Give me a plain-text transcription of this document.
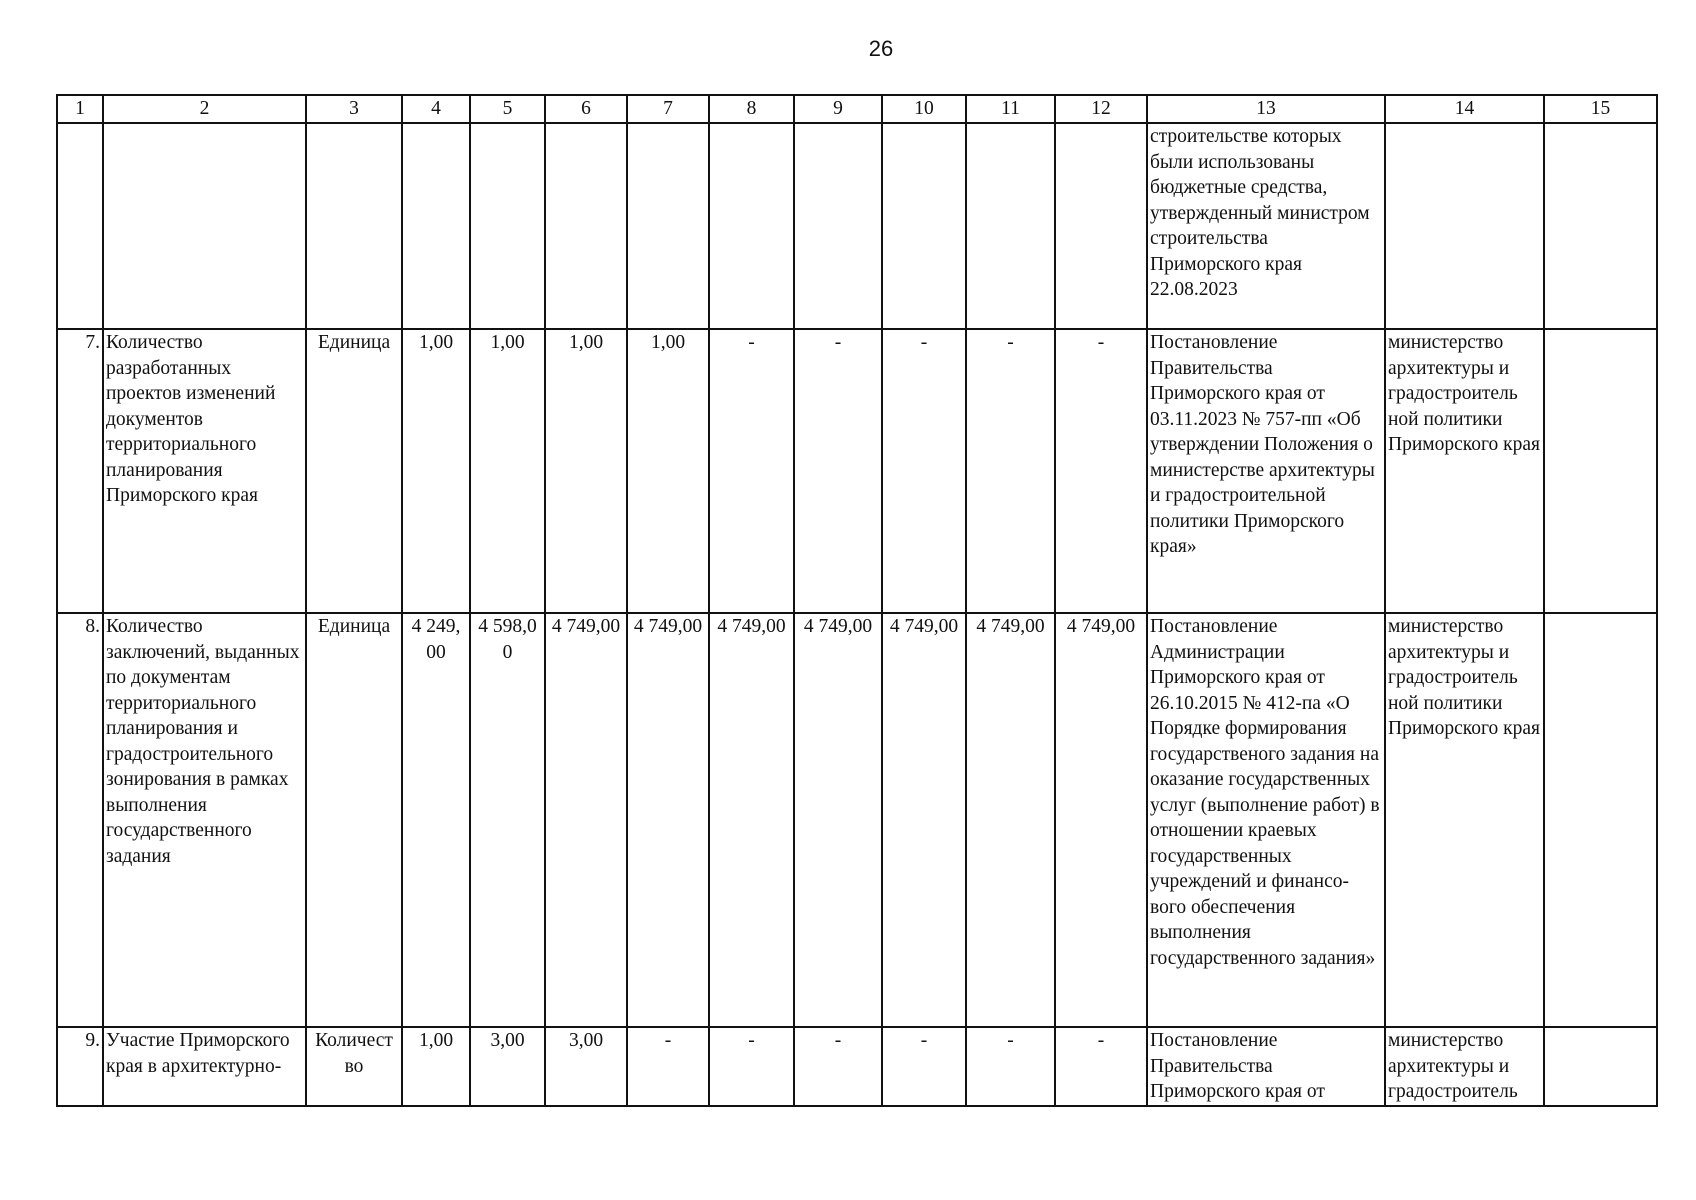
26
1	2	3	4	5	6	7	8	9	10	11	12	13	14	15
												строительстве которых были использованы бюджетные средства, утвержденный министром строительства Приморского края 22.08.2023		
7.	Количество разработанных проектов изменений документов территориального планирования Приморского края	Единица	1,00	1,00	1,00	1,00	-	-	-	-	-	Постановление Правительства Приморского края от 03.11.2023 № 757-пп «Об утверждении Положения о министерстве архитектуры и градостроительной политики Приморского края»	министерство архитектуры и градостроитель ной политики Приморского края	
8.	Количество заключений, выданных по документам территориального планирования и градостроительного зонирования в рамках выполнения государственного задания	Единица	4 249, 00	4 598,0 0	4 749,00	4 749,00	4 749,00	4 749,00	4 749,00	4 749,00	4 749,00	Постановление Администрации Приморского края от 26.10.2015 № 412-па «О Порядке формирования государственого задания на оказание государственных услуг (выполнение работ) в отношении краевых государственных учреждений и финансо-вого обеспечения выполнения государственного задания»	министерство архитектуры и градостроитель ной политики Приморского края	
9.	Участие Приморского края в архитектурно-	Количест во	1,00	3,00	3,00	-	-	-	-	-	-	Постановление Правительства Приморского края от	министерство архитектуры и градостроитель	
